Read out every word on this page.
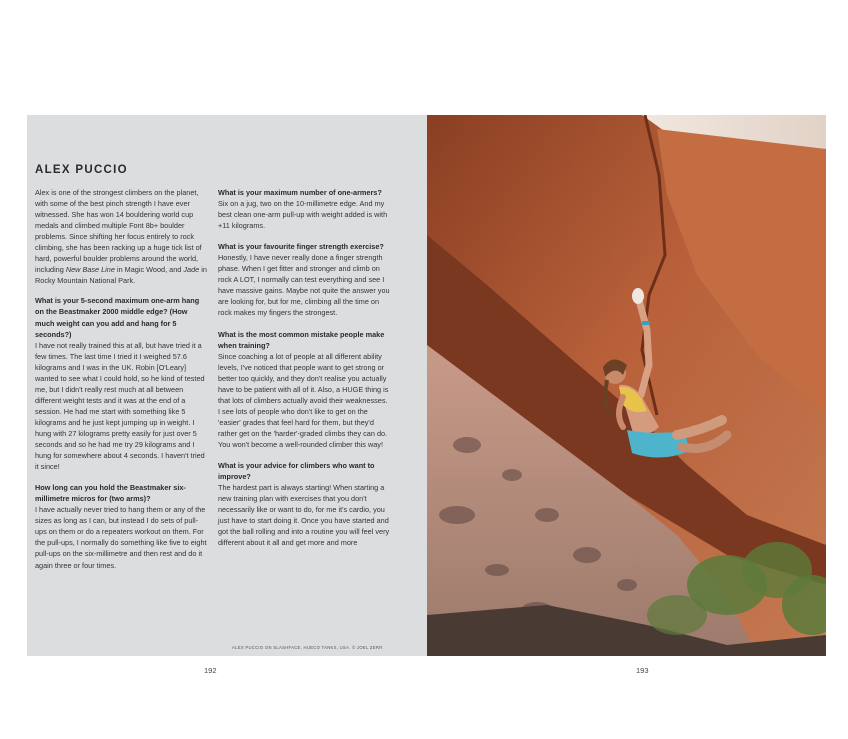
ALEX PUCCIO

Alex is one of the strongest climbers on the planet, with some of the best pinch strength I have ever witnessed. She has won 14 bouldering world cup medals and climbed multiple Font 8b+ boulder problems. Since shifting her focus entirely to rock climbing, she has been racking up a huge tick list of hard, powerful boulder problems around the world, including New Base Line in Magic Wood, and Jade in Rocky Mountain National Park.

What is your 5-second maximum one-arm hang on the Beastmaker 2000 middle edge? (How much weight can you add and hang for 5 seconds?)

I have not really trained this at all, but have tried it a few times. The last time I tried it I weighed 57.6 kilograms and I was in the UK. Robin [O'Leary] wanted to see what I could hold, so he kind of tested me, but I didn't really rest much at all between different weight tests and it was at the end of a session. He had me start with something like 5 kilograms and he just kept jumping up in weight. I hung with 27 kilograms pretty easily for just over 5 seconds and so he had me try 29 kilograms and I hung for somewhere about 4 seconds. I haven't tried it since!

How long can you hold the Beastmaker six-millimetre micros for (two arms)?

I have actually never tried to hang them or any of the sizes as long as I can, but instead I do sets of pull-ups on them or do a repeaters workout on them. For the pull-ups, I normally do something like five to eight pull-ups on the six-millimetre and then rest and do it again three or four times.

What is your maximum number of one-armers?

Six on a jug, two on the 10-millimetre edge. And my best clean one-arm pull-up with weight added is with +11 kilograms.

What is your favourite finger strength exercise?

Honestly, I have never really done a finger strength phase. When I get fitter and stronger and climb on rock A LOT, I normally can test everything and see I have massive gains. Maybe not quite the answer you are looking for, but for me, climbing all the time on rock makes my fingers the strongest.

What is the most common mistake people make when training?

Since coaching a lot of people at all different ability levels, I've noticed that people want to get strong or better too quickly, and they don't realise you actually have to be patient with all of it. Also, a HUGE thing is that lots of climbers actually avoid their weaknesses. I see lots of people who don't like to get on the 'easier' grades that feel hard for them, but they'd rather get on the 'harder'-graded climbs they can do. You won't become a well-rounded climber this way!

What is your advice for climbers who want to improve?

The hardest part is always starting! When starting a new training plan with exercises that you don't necessarily like or want to do, for me it's cardio, you just have to start doing it. Once you have started and got the ball rolling and into a routine you will feel very different about it all and get more and more

ALEX PUCCIO ON SLASHFACE, HUECO TANKS, USA. © JOEL ZERR
192	193
